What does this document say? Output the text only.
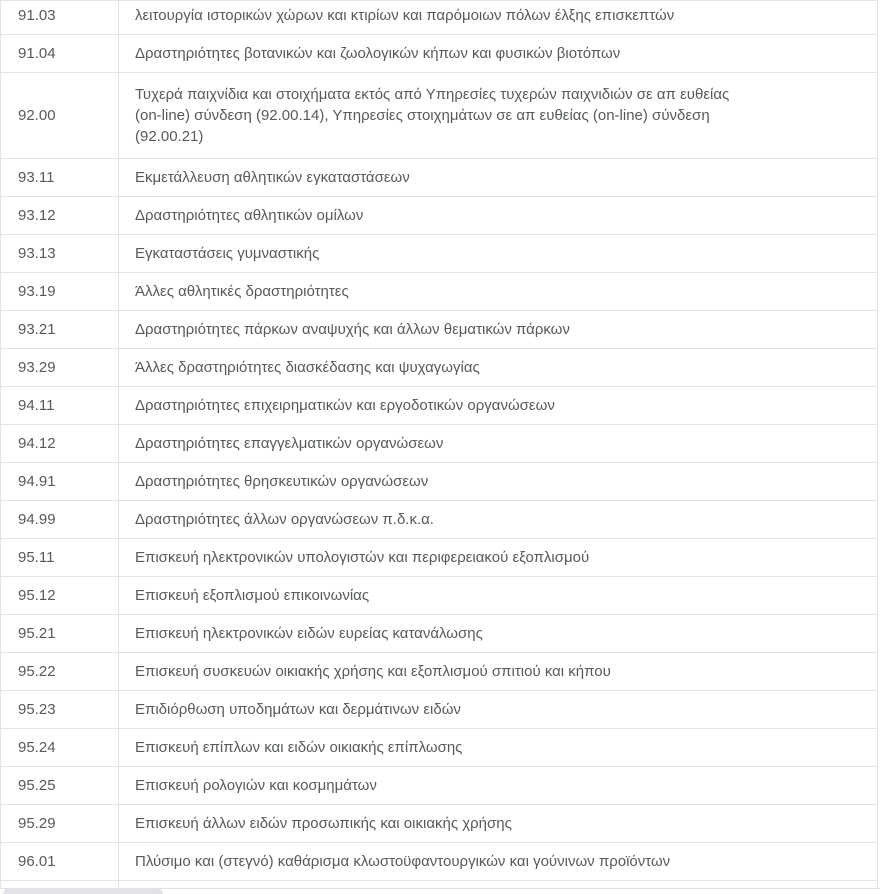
91.03	λειτουργία ιστορικών χώρων και κτιρίων και παρόμοιων πόλων έλξης επισκεπτών

91.04	Δραστηριότητες βοτανικών και ζωολογικών κήπων και φυσικών βιοτόπων

92.00	Τυχερά παιχνίδια και στοιχήματα εκτός από Υπηρεσίες τυχερών παιχνιδιών σε απ ευθείας (on-line) σύνδεση (92.00.14), Υπηρεσίες στοιχημάτων σε απ ευθείας (on-line) σύνδεση (92.00.21)

93.11	Εκμετάλλευση αθλητικών εγκαταστάσεων

93.12	Δραστηριότητες αθλητικών ομίλων

93.13	Εγκαταστάσεις γυμναστικής

93.19	Άλλες αθλητικές δραστηριότητες

93.21	Δραστηριότητες πάρκων αναψυχής και άλλων θεματικών πάρκων

93.29	Άλλες δραστηριότητες διασκέδασης και ψυχαγωγίας

94.11	Δραστηριότητες επιχειρηματικών και εργοδοτικών οργανώσεων

94.12	Δραστηριότητες επαγγελματικών οργανώσεων

94.91	Δραστηριότητες θρησκευτικών οργανώσεων

94.99	Δραστηριότητες άλλων οργανώσεων π.δ.κ.α.

95.11	Επισκευή ηλεκτρονικών υπολογιστών και περιφερειακού εξοπλισμού

95.12	Επισκευή εξοπλισμού επικοινωνίας

95.21	Επισκευή ηλεκτρονικών ειδών ευρείας κατανάλωσης

95.22	Επισκευή συσκευών οικιακής χρήσης και εξοπλισμού σπιτιού και κήπου

95.23	Επιδιόρθωση υποδημάτων και δερμάτινων ειδών

95.24	Επισκευή επίπλων και ειδών οικιακής επίπλωσης

95.25	Επισκευή ρολογιών και κοσμημάτων

95.29	Επισκευή άλλων ειδών προσωπικής και οικιακής χρήσης

96.01	Πλύσιμο και (στεγνό) καθάρισμα κλωστοϋφαντουργικών και γούνινων προϊόντων
